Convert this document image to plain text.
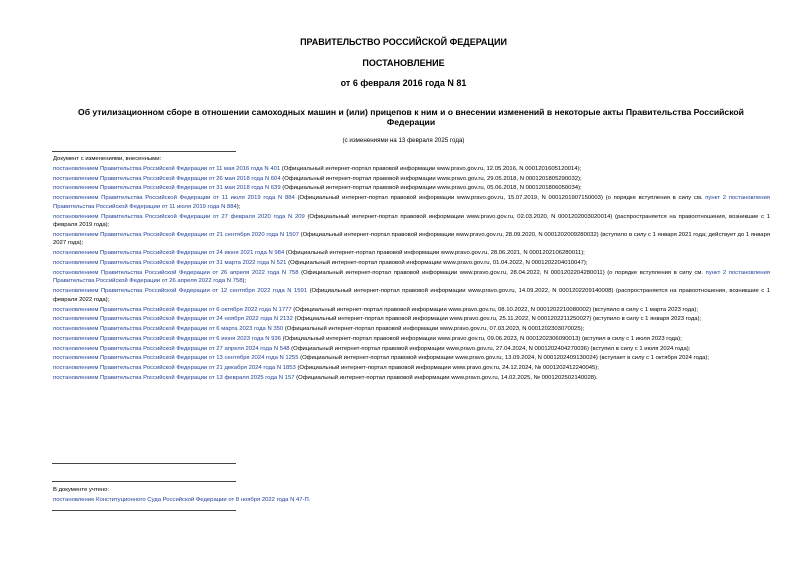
ПРАВИТЕЛЬСТВО РОССИЙСКОЙ ФЕДЕРАЦИИ
ПОСТАНОВЛЕНИЕ
от 6 февраля 2016 года N 81
Об утилизационном сборе в отношении самоходных машин и (или) прицепов к ним и о внесении изменений в некоторые акты Правительства Российской Федерации
(с изменениями на 13 февраля 2025 года)

Документ с изменениями, внесенными:

постановлением Правительства Российской Федерации от 11 мая 2016 года N 401 (Официальный интернет-портал правовой информации www.pravo.gov.ru, 12.05.2016, N 0001201605120014);

постановлением Правительства Российской Федерации от 26 мая 2018 года N 604 (Официальный интернет-портал правовой информации www.pravo.gov.ru, 29.05.2018, N 0001201805290032);

постановлением Правительства Российской Федерации от 31 мая 2018 года N 639 (Официальный интернет-портал правовой информации www.pravo.gov.ru, 05.06.2018, N 0001201806050034);

постановлением Правительства Российской Федерации от 11 июля 2019 года N 884 (Официальный интернет-портал правовой информации www.pravo.gov.ru, 15.07.2019, N 0001201907150003) (о порядке вступления в силу см. пункт 2 постановления Правительства Российской Федерации от 11 июля 2019 года N 884);

постановлением Правительства Российской Федерации от 27 февраля 2020 года N 209 (Официальный интернет-портал правовой информации www.pravo.gov.ru, 02.03.2020, N 0001202003020014) (распространяется на правоотношения, возникшие с 1 февраля 2019 года);

постановлением Правительства Российской Федерации от 21 сентября 2020 года N 1507 (Официальный интернет-портал правовой информации www.pravo.gov.ru, 28.09.2020, N 0001202009280032) (вступило в силу с 1 января 2021 года; действует до 1 января 2027 года);

постановлением Правительства Российской Федерации от 24 июня 2021 года N 984 (Официальный интернет-портал правовой информации www.pravo.gov.ru, 28.06.2021, N 0001202106280011);

постановлением Правительства Российской Федерации от 31 марта 2022 года N 521 (Официальный интернет-портал правовой информации www.pravo.gov.ru, 01.04.2022, N 0001202204010047);

постановлением Правительства Российской Федерации от 26 апреля 2022 года N 758 (Официальный интернет-портал правовой информации www.pravo.gov.ru, 28.04.2022, N 0001202204280011) (о порядке вступления в силу см. пункт 2 постановления Правительства Российской Федерации от 26 апреля 2022 года N 758);

постановлением Правительства Российской Федерации от 12 сентября 2022 года N 1591 (Официальный интернет-портал правовой информации www.pravo.gov.ru, 14.09.2022, N 0001202209140008) (распространяется на правоотношения, возникшие с 1 февраля 2022 года);

постановлением Правительства Российской Федерации от 6 октября 2022 года N 1777 (Официальный интернет-портал правовой информации www.pravo.gov.ru, 08.10.2022, N 0001202210080002) (вступило в силу с 1 марта 2023 года);

постановлением Правительства Российской Федерации от 24 ноября 2022 года N 2132 (Официальный интернет-портал правовой информации www.pravo.gov.ru, 25.11.2022, N 0001202211250027) (вступило в силу с 1 января 2023 года);

постановлением Правительства Российской Федерации от 6 марта 2023 года N 350 (Официальный интернет-портал правовой информации www.pravo.gov.ru, 07.03.2023, N 0001202303070025);

постановлением Правительства Российской Федерации от 6 июня 2023 года N 936 (Официальный интернет-портал правовой информации www.pravo.gov.ru, 09.06.2023, N 0001202306090013) (вступил в силу с 1 июля 2023 года);

постановлением Правительства Российской Федерации от 27 апреля 2024 года N 548 (Официальный интернет-портал правовой информации www.pravo.gov.ru, 27.04.2024, N 0001202404270036) (вступил в силу с 1 июля 2024 года);

постановлением Правительства Российской Федерации от 13 сентября 2024 года N 1255 (Официальный интернет-портал правовой информации www.pravo.gov.ru, 13.09.2024, N 0001202409130024) (вступает в силу с 1 октября 2024 года);

постановлением Правительства Российской Федерации от 21 декабря 2024 года N 1853 (Официальный интернет-портал правовой информации www.pravo.gov.ru, 24.12.2024, № 0001202412240045);

постановлением Правительства Российской Федерации от 13 февраля 2025 года N 157 (Официальный интернет-портал правовой информации www.pravo.gov.ru, 14.02.2025, № 0001202502140028).

В документе учтено:

постановление Конституционного Суда Российской Федерации от 8 ноября 2022 года N 47-П.
